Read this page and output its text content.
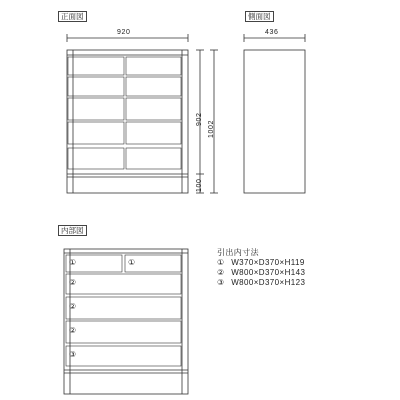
正面図	側面図
内部図
920	436
902
1002
100
①	①
②
②
②
③
引出内寸法
① W370×D370×H119
② W800×D370×H143
③ W800×D370×H123
